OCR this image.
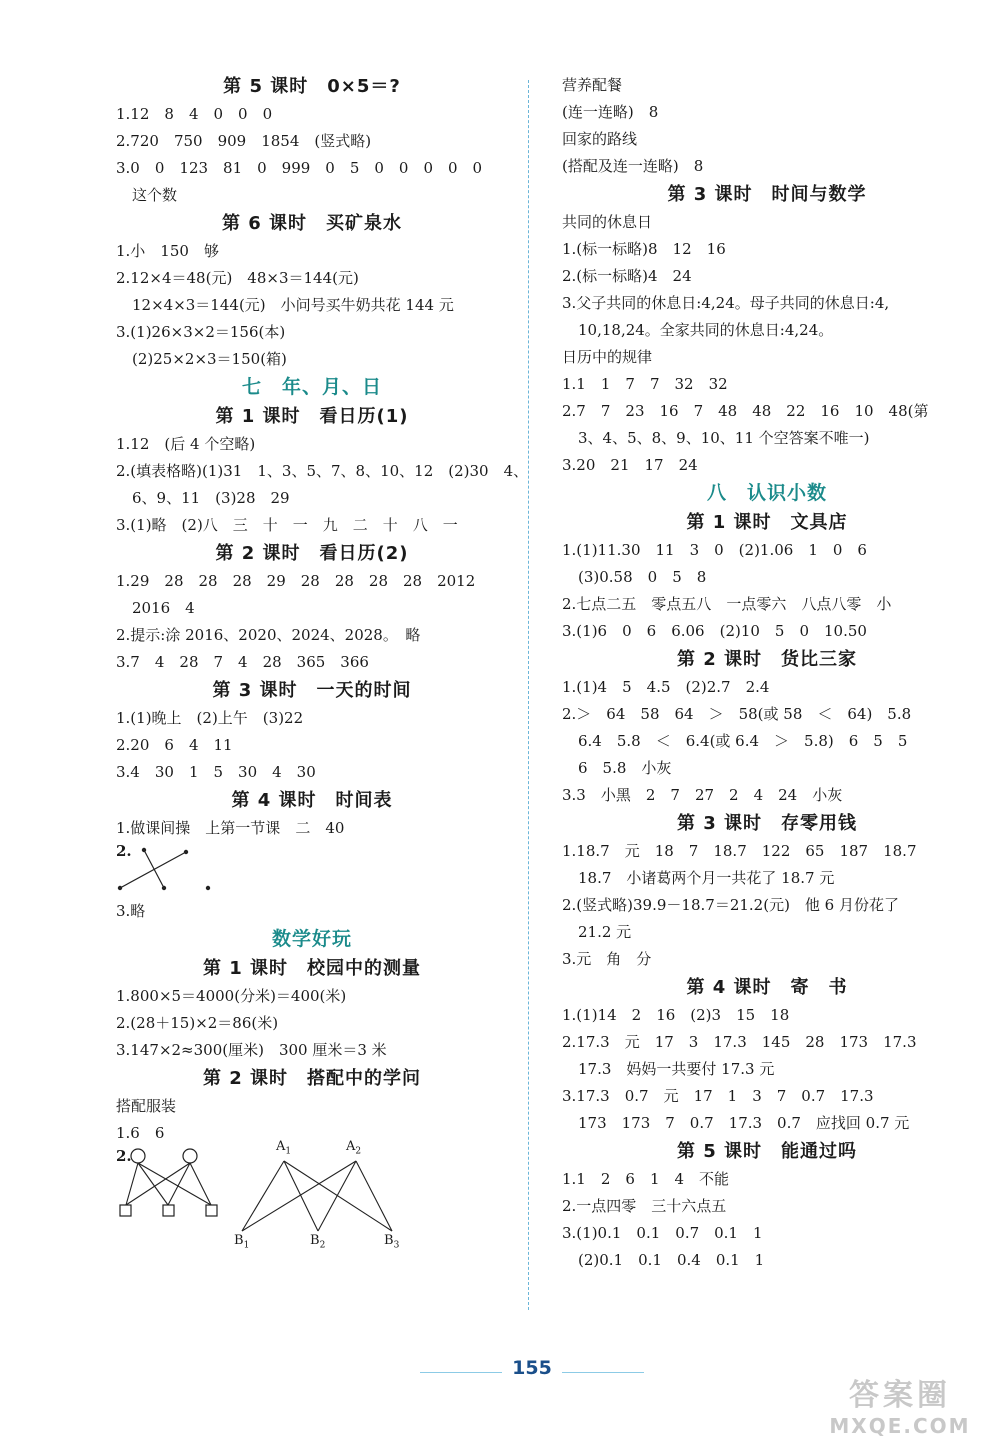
第 5 课时　0×5＝?
1.12　8　4　0　0　0
2.720　750　909　1854　(竖式略)
3.0　0　123　81　0　999　0　5　0　0　0　0　0
这个数
第 6 课时　买矿泉水
1.小　150　够
2.12×4＝48(元)　48×3＝144(元)
12×4×3＝144(元)　小问号买牛奶共花 144 元
3.(1)26×3×2＝156(本)
(2)25×2×3＝150(箱)
七　年、月、日
第 1 课时　看日历(1)
1.12　(后 4 个空略)
2.(填表格略)(1)31　1、3、5、7、8、10、12　(2)30　4、
6、9、11　(3)28　29
3.(1)略　(2)八　三　十　一　九　二　十　八　一
第 2 课时　看日历(2)
1.29　28　28　28　29　28　28　28　28　2012
2016　4
2.提示:涂 2016、2020、2024、2028。　略
3.7　4　28　7　4　28　365　366
第 3 课时　一天的时间
1.(1)晚上　(2)上午　(3)22
2.20　6　4　11
3.4　30　1　5　30　4　30
第 4 课时　时间表
1.做课间操　上第一节课　二　40
2.
3.略
数学好玩
第 1 课时　校园中的测量
1.800×5＝4000(分米)＝400(米)
2.(28＋15)×2＝86(米)
3.147×2≈300(厘米)　300 厘米＝3 米
第 2 课时　搭配中的学问
搭配服装
1.6　6
2.
$A_1$	$A_2$
$B_1$	$B_2$	$B_3$
营养配餐
(连一连略)　8
回家的路线
(搭配及连一连略)　8
第 3 课时　时间与数学
共同的休息日
1.(标一标略)8　12　16
2.(标一标略)4　24
3.父子共同的休息日:4,24。母子共同的休息日:4,
10,18,24。全家共同的休息日:4,24。
日历中的规律
1.1　1　7　7　32　32
2.7　7　23　16　7　48　48　22　16　10　48(第
3、4、5、8、9、10、11 个空答案不唯一)
3.20　21　17　24
八　认识小数
第 1 课时　文具店
1.(1)11.30　11　3　0　(2)1.06　1　0　6
(3)0.58　0　5　8
2.七点二五　零点五八　一点零六　八点八零　小
3.(1)6　0　6　6.06　(2)10　5　0　10.50
第 2 课时　货比三家
1.(1)4　5　4.5　(2)2.7　2.4
2.＞　64　58　64　＞　58(或 58　＜　64)　5.8
6.4　5.8　＜　6.4(或 6.4　＞　5.8)　6　5　5
6　5.8　小灰
3.3　小黑　2　7　27　2　4　24　小灰
第 3 课时　存零用钱
1.18.7　元　18　7　18.7　122　65　187　18.7
18.7　小诸葛两个月一共花了 18.7 元
2.(竖式略)39.9－18.7＝21.2(元)　他 6 月份花了
21.2 元
3.元　角　分
第 4 课时　寄　书
1.(1)14　2　16　(2)3　15　18
2.17.3　元　17　3　17.3　145　28　173　17.3
17.3　妈妈一共要付 17.3 元
3.17.3　0.7　元　17　1　3　7　0.7　17.3
173　173　7　0.7　17.3　0.7　应找回 0.7 元
第 5 课时　能通过吗
1.1　2　6　1　4　不能
2.一点四零　三十六点五
3.(1)0.1　0.1　0.7　0.1　1
(2)0.1　0.1　0.4　0.1　1
155
答案圈
MXQE.COM
